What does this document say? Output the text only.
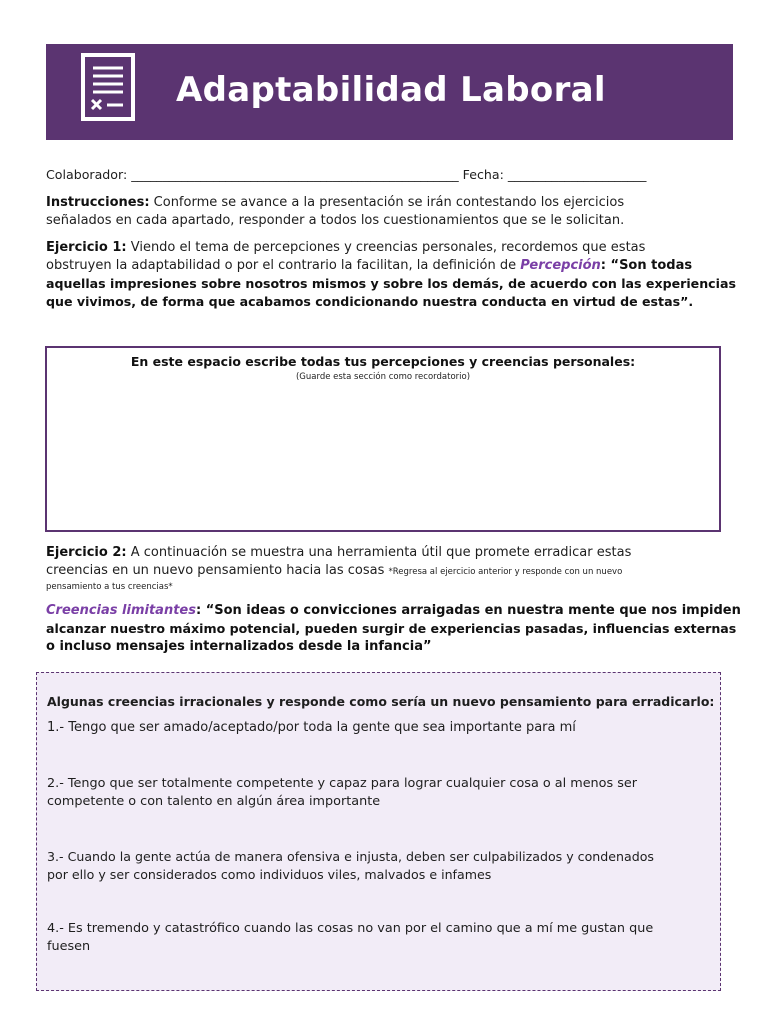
Adaptabilidad Laboral
Colaborador: ____________________________________________________ Fecha: ______________________
Instrucciones: Conforme se avance a la presentación se irán contestando los ejercicios
señalados en cada apartado, responder a todos los cuestionamientos que se le solicitan.
Ejercicio 1: Viendo el tema de percepciones y creencias personales, recordemos que estas
obstruyen la adaptabilidad o por el contrario la facilitan, la definición de Percepción: “Son todas
aquellas impresiones sobre nosotros mismos y sobre los demás, de acuerdo con las experiencias
que vivimos, de forma que acabamos condicionando nuestra conducta en virtud de estas”.
En este espacio escribe todas tus percepciones y creencias personales:
(Guarde esta sección como recordatorio)
Ejercicio 2: A continuación se muestra una herramienta útil que promete erradicar estas
creencias en un nuevo pensamiento hacia las cosas *Regresa al ejercicio anterior y responde con un nuevo
pensamiento a tus creencias*
Creencias limitantes: “Son ideas o convicciones arraigadas en nuestra mente que nos impiden
alcanzar nuestro máximo potencial, pueden surgir de experiencias pasadas, influencias externas
o incluso mensajes internalizados desde la infancia”
Algunas creencias irracionales y responde como sería un nuevo pensamiento para erradicarlo:
1.- Tengo que ser amado/aceptado/por toda la gente que sea importante para mí
2.- Tengo que ser totalmente competente y capaz para lograr cualquier cosa o al menos ser
competente o con talento en algún área importante
3.- Cuando la gente actúa de manera ofensiva e injusta, deben ser culpabilizados y condenados
por ello y ser considerados como individuos viles, malvados e infames
4.- Es tremendo y catastrófico cuando las cosas no van por el camino que a mí me gustan que
fuesen
